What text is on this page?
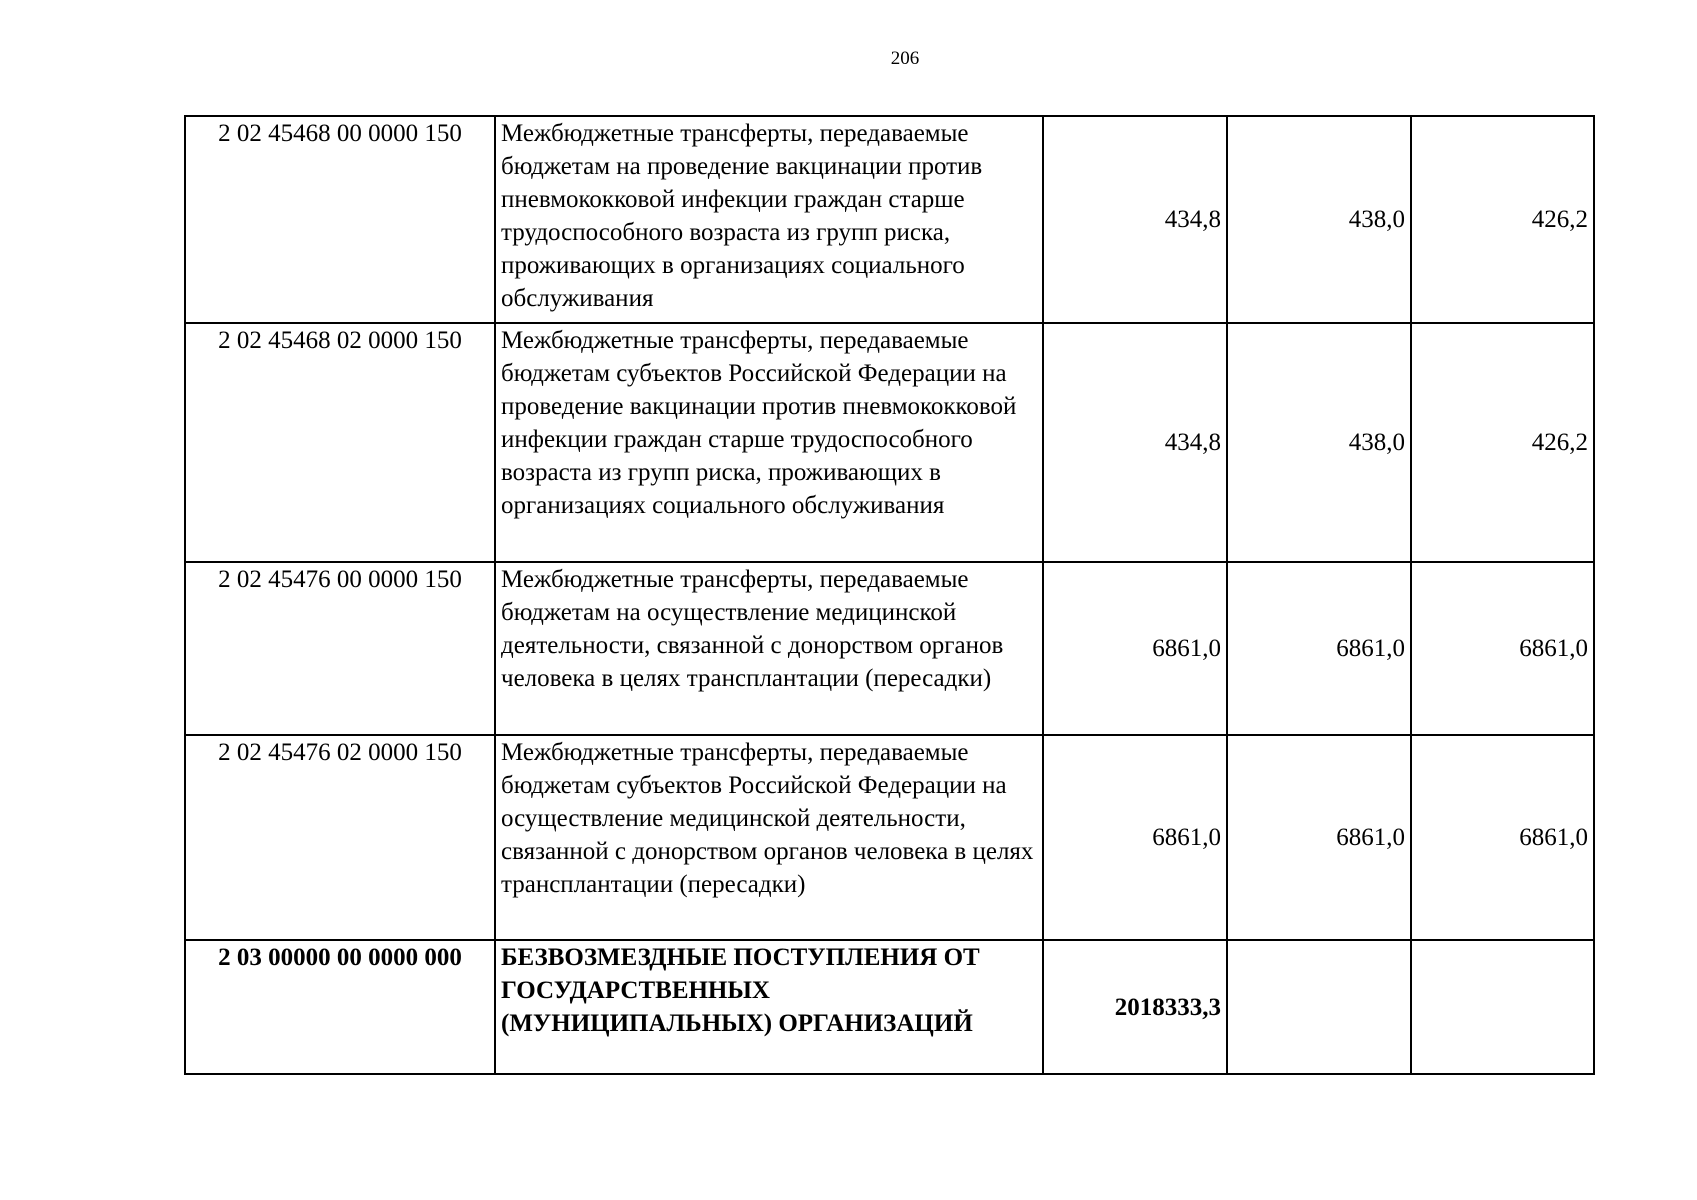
206
2 02 45468 00 0000 150	Межбюджетные трансферты, передаваемые бюджетам на проведение вакцинации против пневмококковой инфекции граждан старше трудоспособного возраста из групп риска, проживающих в организациях социального обслуживания	434,8	438,0	426,2
2 02 45468 02 0000 150	Межбюджетные трансферты, передаваемые бюджетам субъектов Российской Федерации на проведение вакцинации против пневмококковой инфекции граждан старше трудоспособного возраста из групп риска, проживающих в организациях социального обслуживания	434,8	438,0	426,2
2 02 45476 00 0000 150	Межбюджетные трансферты, передаваемые бюджетам на осуществление медицинской деятельности, связанной с донорством органов человека в целях трансплантации (пересадки)	6861,0	6861,0	6861,0
2 02 45476 02 0000 150	Межбюджетные трансферты, передаваемые бюджетам субъектов Российской Федерации на осуществление медицинской деятельности, связанной с донорством органов человека в целях трансплантации (пересадки)	6861,0	6861,0	6861,0
2 03 00000 00 0000 000	БЕЗВОЗМЕЗДНЫЕ ПОСТУПЛЕНИЯ ОТ ГОСУДАРСТВЕННЫХ (МУНИЦИПАЛЬНЫХ) ОРГАНИЗАЦИЙ	2018333,3		
